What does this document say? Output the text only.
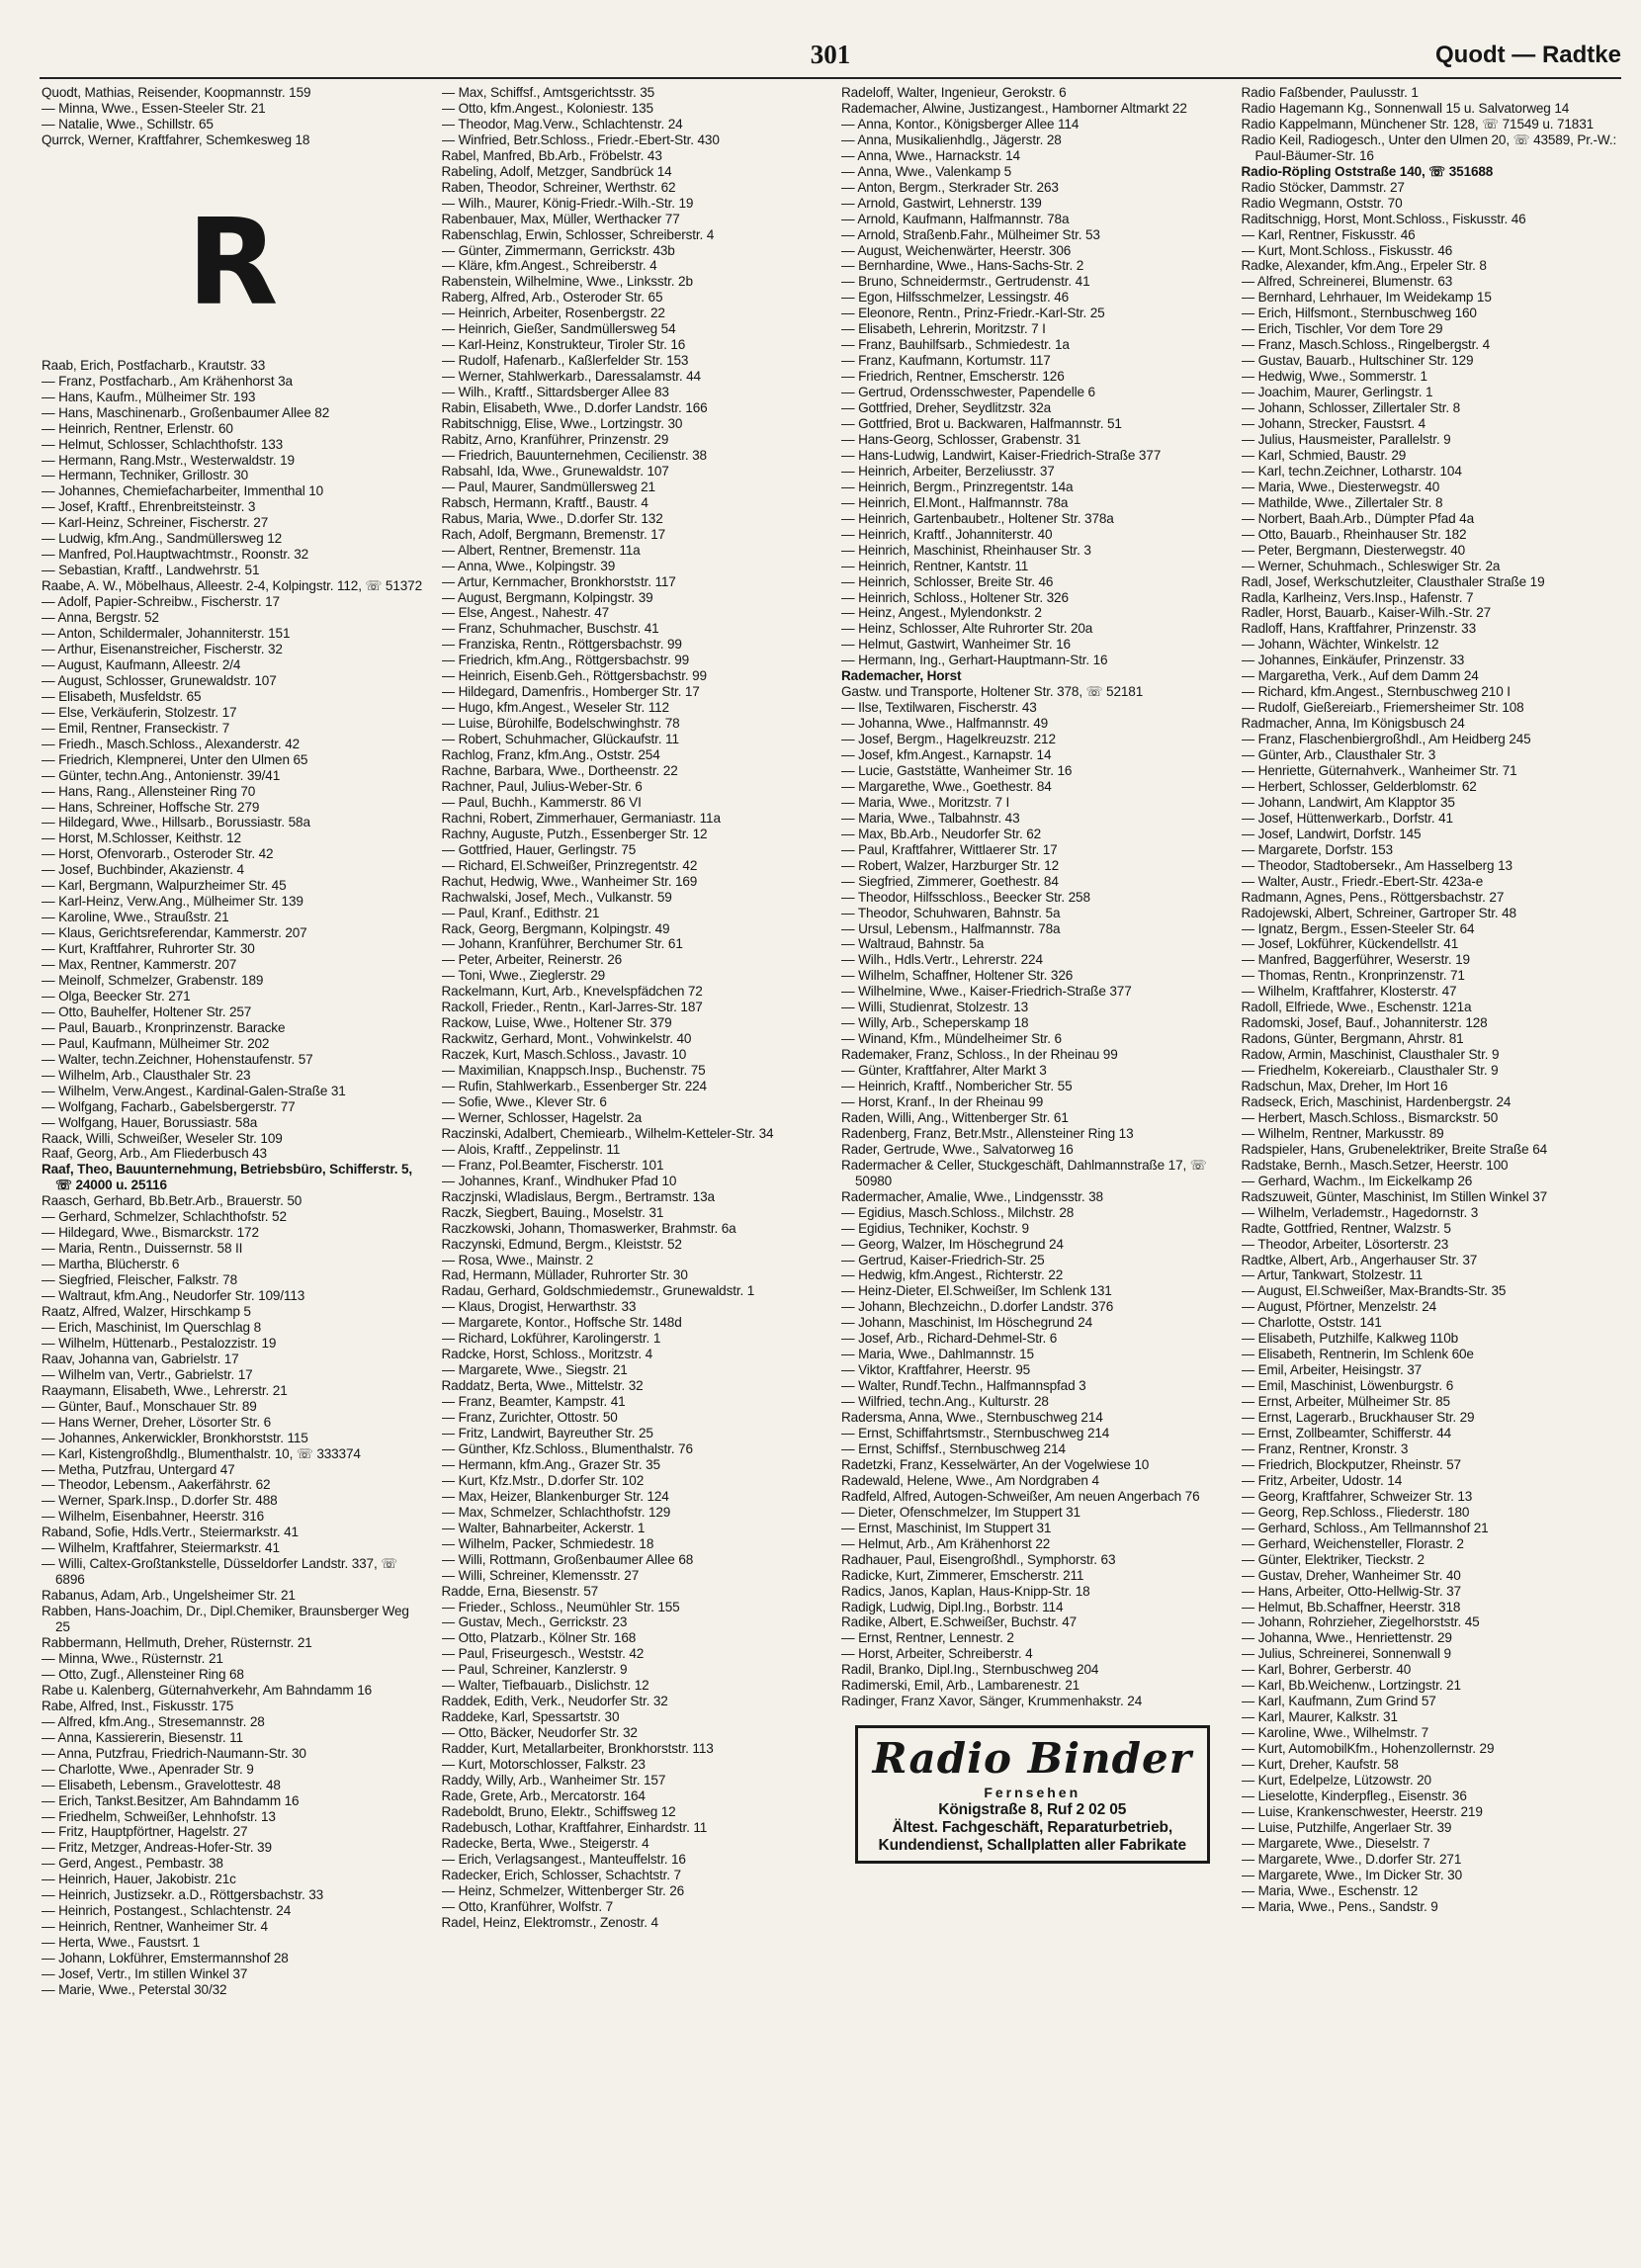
301	Quodt — Radtke
Quodt, Mathias, Reisender, Koopmannstr. 159
— Minna, Wwe., Essen-Steeler Str. 21
— Natalie, Wwe., Schillstr. 65
Qurrck, Werner, Kraftfahrer, Schemkesweg 18
R
Raab, Erich, Postfacharb., Krautstr. 33
— Franz, Postfacharb., Am Krähenhorst 3a
— Hans, Kaufm., Mülheimer Str. 193
— Hans, Maschinenarb., Großenbaumer Allee 82
— Heinrich, Rentner, Erlenstr. 60
— Helmut, Schlosser, Schlachthofstr. 133
— Hermann, Rang.Mstr., Westerwaldstr. 19
— Hermann, Techniker, Grillostr. 30
— Johannes, Chemiefacharbeiter, Immenthal 10
— Josef, Kraftf., Ehrenbreitsteinstr. 3
— Karl-Heinz, Schreiner, Fischerstr. 27
— Ludwig, kfm.Ang., Sandmüllersweg 12
— Manfred, Pol.Hauptwachtmstr., Roonstr. 32
— Sebastian, Kraftf., Landwehrstr. 51
Raabe, A. W., Möbelhaus, Alleestr. 2-4, Kolpingstr. 112, ☏ 51372
— Adolf, Papier-Schreibw., Fischerstr. 17
— Anna, Bergstr. 52
— Anton, Schildermaler, Johanniterstr. 151
— Arthur, Eisenanstreicher, Fischerstr. 32
— August, Kaufmann, Alleestr. 2/4
— August, Schlosser, Grunewaldstr. 107
— Elisabeth, Musfeldstr. 65
— Else, Verkäuferin, Stolzestr. 17
— Emil, Rentner, Franseckistr. 7
— Friedh., Masch.Schloss., Alexanderstr. 42
— Friedrich, Klempnerei, Unter den Ulmen 65
— Günter, techn.Ang., Antonienstr. 39/41
— Hans, Rang., Allensteiner Ring 70
— Hans, Schreiner, Hoffsche Str. 279
— Hildegard, Wwe., Hillsarb., Borussiastr. 58a
— Horst, M.Schlosser, Keithstr. 12
— Horst, Ofenvorarb., Osteroder Str. 42
— Josef, Buchbinder, Akazienstr. 4
— Karl, Bergmann, Walpurzheimer Str. 45
— Karl-Heinz, Verw.Ang., Mülheimer Str. 139
— Karoline, Wwe., Straußstr. 21
— Klaus, Gerichtsreferendar, Kammerstr. 207
— Kurt, Kraftfahrer, Ruhrorter Str. 30
— Max, Rentner, Kammerstr. 207
— Meinolf, Schmelzer, Grabenstr. 189
— Olga, Beecker Str. 271
— Otto, Bauhelfer, Holtener Str. 257
— Paul, Bauarb., Kronprinzenstr. Baracke
— Paul, Kaufmann, Mülheimer Str. 202
— Walter, techn.Zeichner, Hohenstaufenstr. 57
— Wilhelm, Arb., Clausthaler Str. 23
— Wilhelm, Verw.Angest., Kardinal-Galen-Straße 31
— Wolfgang, Facharb., Gabelsbergerstr. 77
— Wolfgang, Hauer, Borussiastr. 58a
Raack, Willi, Schweißer, Weseler Str. 109
Raaf, Georg, Arb., Am Fliederbusch 43
Raaf, Theo, Bauunternehmung, Betriebsbüro, Schifferstr. 5, ☏ 24000 u. 25116
Raasch, Gerhard, Bb.Betr.Arb., Brauerstr. 50
— Gerhard, Schmelzer, Schlachthofstr. 52
— Hildegard, Wwe., Bismarckstr. 172
— Maria, Rentn., Duissernstr. 58 II
— Martha, Blücherstr. 6
— Siegfried, Fleischer, Falkstr. 78
— Waltraut, kfm.Ang., Neudorfer Str. 109/113
Raatz, Alfred, Walzer, Hirschkamp 5
— Erich, Maschinist, Im Querschlag 8
— Wilhelm, Hüttenarb., Pestalozzistr. 19
Raav, Johanna van, Gabrielstr. 17
— Wilhelm van, Vertr., Gabrielstr. 17
Raaymann, Elisabeth, Wwe., Lehrerstr. 21
— Günter, Bauf., Monschauer Str. 89
— Hans Werner, Dreher, Lösorter Str. 6
— Johannes, Ankerwickler, Bronkhorststr. 115
— Karl, Kistengroßhdlg., Blumenthalstr. 10, ☏ 333374
— Metha, Putzfrau, Untergard 47
— Theodor, Lebensm., Aakerfährstr. 62
— Werner, Spark.Insp., D.dorfer Str. 488
— Wilhelm, Eisenbahner, Heerstr. 316
Raband, Sofie, Hdls.Vertr., Steiermarkstr. 41
— Wilhelm, Kraftfahrer, Steiermarkstr. 41
— Willi, Caltex-Großtankstelle, Düsseldorfer Landstr. 337, ☏ 6896
Rabanus, Adam, Arb., Ungelsheimer Str. 21
Rabben, Hans-Joachim, Dr., Dipl.Chemiker, Braunsberger Weg 25
Rabbermann, Hellmuth, Dreher, Rüsternstr. 21
— Minna, Wwe., Rüsternstr. 21
— Otto, Zugf., Allensteiner Ring 68
Rabe u. Kalenberg, Güternahverkehr, Am Bahndamm 16
Rabe, Alfred, Inst., Fiskusstr. 175
— Alfred, kfm.Ang., Stresemannstr. 28
— Anna, Kassiererin, Biesenstr. 11
— Anna, Putzfrau, Friedrich-Naumann-Str. 30
— Charlotte, Wwe., Apenrader Str. 9
— Elisabeth, Lebensm., Gravelottestr. 48
— Erich, Tankst.Besitzer, Am Bahndamm 16
— Friedhelm, Schweißer, Lehnhofstr. 13
— Fritz, Hauptpförtner, Hagelstr. 27
— Fritz, Metzger, Andreas-Hofer-Str. 39
— Gerd, Angest., Pembastr. 38
— Heinrich, Hauer, Jakobistr. 21c
— Heinrich, Justizsekr. a.D., Röttgersbachstr. 33
— Heinrich, Postangest., Schlachtenstr. 24
— Heinrich, Rentner, Wanheimer Str. 4
— Herta, Wwe., Faustsrt. 1
— Johann, Lokführer, Emstermannshof 28
— Josef, Vertr., Im stillen Winkel 37
— Marie, Wwe., Peterstal 30/32
— Max, Schiffsf., Amtsgerichtsstr. 35
— Otto, kfm.Angest., Koloniestr. 135
— Theodor, Mag.Verw., Schlachtenstr. 24
— Winfried, Betr.Schloss., Friedr.-Ebert-Str. 430
Rabel, Manfred, Bb.Arb., Fröbelstr. 43
Rabeling, Adolf, Metzger, Sandbrück 14
Raben, Theodor, Schreiner, Werthstr. 62
— Wilh., Maurer, König-Friedr.-Wilh.-Str. 19
Rabenbauer, Max, Müller, Werthacker 77
Rabenschlag, Erwin, Schlosser, Schreiberstr. 4
— Günter, Zimmermann, Gerrickstr. 43b
— Kläre, kfm.Angest., Schreiberstr. 4
Rabenstein, Wilhelmine, Wwe., Linksstr. 2b
Raberg, Alfred, Arb., Osteroder Str. 65
— Heinrich, Arbeiter, Rosenbergstr. 22
— Heinrich, Gießer, Sandmüllersweg 54
— Karl-Heinz, Konstrukteur, Tiroler Str. 16
— Rudolf, Hafenarb., Kaßlerfelder Str. 153
— Werner, Stahlwerkarb., Daressalamstr. 44
— Wilh., Kraftf., Sittardsberger Allee 83
Rabin, Elisabeth, Wwe., D.dorfer Landstr. 166
Rabitschnigg, Elise, Wwe., Lortzingstr. 30
Rabitz, Arno, Kranführer, Prinzenstr. 29
— Friedrich, Bauunternehmen, Cecilienstr. 38
Rabsahl, Ida, Wwe., Grunewaldstr. 107
— Paul, Maurer, Sandmüllersweg 21
Rabsch, Hermann, Kraftf., Baustr. 4
Rabus, Maria, Wwe., D.dorfer Str. 132
Rach, Adolf, Bergmann, Bremenstr. 17
— Albert, Rentner, Bremenstr. 11a
— Anna, Wwe., Kolpingstr. 39
— Artur, Kernmacher, Bronkhorststr. 117
— August, Bergmann, Kolpingstr. 39
— Else, Angest., Nahestr. 47
— Franz, Schuhmacher, Buschstr. 41
— Franziska, Rentn., Röttgersbachstr. 99
— Friedrich, kfm.Ang., Röttgersbachstr. 99
— Heinrich, Eisenb.Geh., Röttgersbachstr. 99
— Hildegard, Damenfris., Homberger Str. 17
— Hugo, kfm.Angest., Weseler Str. 112
— Luise, Bürohilfe, Bodelschwinghstr. 78
— Robert, Schuhmacher, Glückaufstr. 11
Rachlog, Franz, kfm.Ang., Oststr. 254
Rachne, Barbara, Wwe., Dortheenstr. 22
Rachner, Paul, Julius-Weber-Str. 6
— Paul, Buchh., Kammerstr. 86 VI
Rachni, Robert, Zimmerhauer, Germaniastr. 11a
Rachny, Auguste, Putzh., Essenberger Str. 12
— Gottfried, Hauer, Gerlingstr. 75
— Richard, El.Schweißer, Prinzregentstr. 42
Rachut, Hedwig, Wwe., Wanheimer Str. 169
Rachwalski, Josef, Mech., Vulkanstr. 59
— Paul, Kranf., Edithstr. 21
Rack, Georg, Bergmann, Kolpingstr. 49
— Johann, Kranführer, Berchumer Str. 61
— Peter, Arbeiter, Reinerstr. 26
— Toni, Wwe., Zieglerstr. 29
Rackelmann, Kurt, Arb., Knevelspfädchen 72
Rackoll, Frieder., Rentn., Karl-Jarres-Str. 187
Rackow, Luise, Wwe., Holtener Str. 379
Rackwitz, Gerhard, Mont., Vohwinkelstr. 40
Raczek, Kurt, Masch.Schloss., Javastr. 10
— Maximilian, Knappsch.Insp., Buchenstr. 75
— Rufin, Stahlwerkarb., Essenberger Str. 224
— Sofie, Wwe., Klever Str. 6
— Werner, Schlosser, Hagelstr. 2a
Raczinski, Adalbert, Chemiearb., Wilhelm-Ketteler-Str. 34
— Alois, Kraftf., Zeppelinstr. 11
— Franz, Pol.Beamter, Fischerstr. 101
— Johannes, Kranf., Windhuker Pfad 10
Raczjnski, Wladislaus, Bergm., Bertramstr. 13a
Raczk, Siegbert, Bauing., Moselstr. 31
Raczkowski, Johann, Thomaswerker, Brahmstr. 6a
Raczynski, Edmund, Bergm., Kleiststr. 52
— Rosa, Wwe., Mainstr. 2
Rad, Hermann, Müllader, Ruhrorter Str. 30
Radau, Gerhard, Goldschmiedemstr., Grunewaldstr. 1
— Klaus, Drogist, Herwarthstr. 33
— Margarete, Kontor., Hoffsche Str. 148d
— Richard, Lokführer, Karolingerstr. 1
Radcke, Horst, Schloss., Moritzstr. 4
— Margarete, Wwe., Siegstr. 21
Raddatz, Berta, Wwe., Mittelstr. 32
— Franz, Beamter, Kampstr. 41
— Franz, Zurichter, Ottostr. 50
— Fritz, Landwirt, Bayreuther Str. 25
— Günther, Kfz.Schloss., Blumenthalstr. 76
— Hermann, kfm.Ang., Grazer Str. 35
— Kurt, Kfz.Mstr., D.dorfer Str. 102
— Max, Heizer, Blankenburger Str. 124
— Max, Schmelzer, Schlachthofstr. 129
— Walter, Bahnarbeiter, Ackerstr. 1
— Wilhelm, Packer, Schmiedestr. 18
— Willi, Rottmann, Großenbaumer Allee 68
— Willi, Schreiner, Klemensstr. 27
Radde, Erna, Biesenstr. 57
— Frieder., Schloss., Neumühler Str. 155
— Gustav, Mech., Gerrickstr. 23
— Otto, Platzarb., Kölner Str. 168
— Paul, Friseurgesch., Weststr. 42
— Paul, Schreiner, Kanzlerstr. 9
— Walter, Tiefbauarb., Dislichstr. 12
Raddek, Edith, Verk., Neudorfer Str. 32
Raddeke, Karl, Spessartstr. 30
— Otto, Bäcker, Neudorfer Str. 32
Radder, Kurt, Metallarbeiter, Bronkhorststr. 113
— Kurt, Motorschlosser, Falkstr. 23
Raddy, Willy, Arb., Wanheimer Str. 157
Rade, Grete, Arb., Mercatorstr. 164
Radeboldt, Bruno, Elektr., Schiffsweg 12
Radebusch, Lothar, Kraftfahrer, Einhardstr. 11
Radecke, Berta, Wwe., Steigerstr. 4
— Erich, Verlagsangest., Manteuffelstr. 16
Radecker, Erich, Schlosser, Schachtstr. 7
— Heinz, Schmelzer, Wittenberger Str. 26
— Otto, Kranführer, Wolfstr. 7
Radel, Heinz, Elektromstr., Zenostr. 4
Radeloff, Walter, Ingenieur, Gerokstr. 6
Rademacher, Alwine, Justizangest., Hamborner Altmarkt 22
— Anna, Kontor., Königsberger Allee 114
— Anna, Musikalienhdlg., Jägerstr. 28
— Anna, Wwe., Harnackstr. 14
— Anna, Wwe., Valenkamp 5
— Anton, Bergm., Sterkrader Str. 263
— Arnold, Gastwirt, Lehnerstr. 139
— Arnold, Kaufmann, Halfmannstr. 78a
— Arnold, Straßenb.Fahr., Mülheimer Str. 53
— August, Weichenwärter, Heerstr. 306
— Bernhardine, Wwe., Hans-Sachs-Str. 2
— Bruno, Schneidermstr., Gertrudenstr. 41
— Egon, Hilfsschmelzer, Lessingstr. 46
— Eleonore, Rentn., Prinz-Friedr.-Karl-Str. 25
— Elisabeth, Lehrerin, Moritzstr. 7 I
— Franz, Bauhilfsarb., Schmiedestr. 1a
— Franz, Kaufmann, Kortumstr. 117
— Friedrich, Rentner, Emscherstr. 126
— Gertrud, Ordensschwester, Papendelle 6
— Gottfried, Dreher, Seydlitzstr. 32a
— Gottfried, Brot u. Backwaren, Halfmannstr. 51
— Hans-Georg, Schlosser, Grabenstr. 31
— Hans-Ludwig, Landwirt, Kaiser-Friedrich-Straße 377
— Heinrich, Arbeiter, Berzeliusstr. 37
— Heinrich, Bergm., Prinzregentstr. 14a
— Heinrich, El.Mont., Halfmannstr. 78a
— Heinrich, Gartenbaubetr., Holtener Str. 378a
— Heinrich, Kraftf., Johanniterstr. 40
— Heinrich, Maschinist, Rheinhauser Str. 3
— Heinrich, Rentner, Kantstr. 11
— Heinrich, Schlosser, Breite Str. 46
— Heinrich, Schloss., Holtener Str. 326
— Heinz, Angest., Mylendonkstr. 2
— Heinz, Schlosser, Alte Ruhrorter Str. 20a
— Helmut, Gastwirt, Wanheimer Str. 16
— Hermann, Ing., Gerhart-Hauptmann-Str. 16
Rademacher, Horst
Gastw. und Transporte, Holtener Str. 378, ☏ 52181
— Ilse, Textilwaren, Fischerstr. 43
— Johanna, Wwe., Halfmannstr. 49
— Josef, Bergm., Hagelkreuzstr. 212
— Josef, kfm.Angest., Karnapstr. 14
— Lucie, Gaststätte, Wanheimer Str. 16
— Margarethe, Wwe., Goethestr. 84
— Maria, Wwe., Moritzstr. 7 I
— Maria, Wwe., Talbahnstr. 43
— Max, Bb.Arb., Neudorfer Str. 62
— Paul, Kraftfahrer, Wittlaerer Str. 17
— Robert, Walzer, Harzburger Str. 12
— Siegfried, Zimmerer, Goethestr. 84
— Theodor, Hilfsschloss., Beecker Str. 258
— Theodor, Schuhwaren, Bahnstr. 5a
— Ursul, Lebensm., Halfmannstr. 78a
— Waltraud, Bahnstr. 5a
— Wilh., Hdls.Vertr., Lehrerstr. 224
— Wilhelm, Schaffner, Holtener Str. 326
— Wilhelmine, Wwe., Kaiser-Friedrich-Straße 377
— Willi, Studienrat, Stolzestr. 13
— Willy, Arb., Scheperskamp 18
— Winand, Kfm., Mündelheimer Str. 6
Rademaker, Franz, Schloss., In der Rheinau 99
— Günter, Kraftfahrer, Alter Markt 3
— Heinrich, Kraftf., Nombericher Str. 55
— Horst, Kranf., In der Rheinau 99
Raden, Willi, Ang., Wittenberger Str. 61
Radenberg, Franz, Betr.Mstr., Allensteiner Ring 13
Rader, Gertrude, Wwe., Salvatorweg 16
Radermacher & Celler, Stuckgeschäft, Dahlmannstraße 17, ☏ 50980
Radermacher, Amalie, Wwe., Lindgensstr. 38
— Egidius, Masch.Schloss., Milchstr. 28
— Egidius, Techniker, Kochstr. 9
— Georg, Walzer, Im Höschegrund 24
— Gertrud, Kaiser-Friedrich-Str. 25
— Hedwig, kfm.Angest., Richterstr. 22
— Heinz-Dieter, El.Schweißer, Im Schlenk 131
— Johann, Blechzeichn., D.dorfer Landstr. 376
— Johann, Maschinist, Im Höschegrund 24
— Josef, Arb., Richard-Dehmel-Str. 6
— Maria, Wwe., Dahlmannstr. 15
— Viktor, Kraftfahrer, Heerstr. 95
— Walter, Rundf.Techn., Halfmannspfad 3
— Wilfried, techn.Ang., Kulturstr. 28
Radersma, Anna, Wwe., Sternbuschweg 214
— Ernst, Schiffahrtsmstr., Sternbuschweg 214
— Ernst, Schiffsf., Sternbuschweg 214
Radetzki, Franz, Kesselwärter, An der Vogelwiese 10
Radewald, Helene, Wwe., Am Nordgraben 4
Radfeld, Alfred, Autogen-Schweißer, Am neuen Angerbach 76
— Dieter, Ofenschmelzer, Im Stuppert 31
— Ernst, Maschinist, Im Stuppert 31
— Helmut, Arb., Am Krähenhorst 22
Radhauer, Paul, Eisengroßhdl., Symphorstr. 63
Radicke, Kurt, Zimmerer, Emscherstr. 211
Radics, Janos, Kaplan, Haus-Knipp-Str. 18
Radigk, Ludwig, Dipl.Ing., Borbstr. 114
Radike, Albert, E.Schweißer, Buchstr. 47
— Ernst, Rentner, Lennestr. 2
— Horst, Arbeiter, Schreiberstr. 4
Radil, Branko, Dipl.Ing., Sternbuschweg 204
Radimerski, Emil, Arb., Lambarenestr. 21
Radinger, Franz Xavor, Sänger, Krummenhakstr. 24
Radio Binder
Fernsehen
Königstraße 8, Ruf 2 02 05
Ältest. Fachgeschäft, Reparaturbetrieb, Kundendienst, Schallplatten aller Fabrikate
Radio Faßbender, Paulusstr. 1
Radio Hagemann Kg., Sonnenwall 15 u. Salvatorweg 14
Radio Kappelmann, Münchener Str. 128, ☏ 71549 u. 71831
Radio Keil, Radiogesch., Unter den Ulmen 20, ☏ 43589, Pr.-W.: Paul-Bäumer-Str. 16
Radio-Röpling Oststraße 140, ☏ 351688
Radio Stöcker, Dammstr. 27
Radio Wegmann, Oststr. 70
Raditschnigg, Horst, Mont.Schloss., Fiskusstr. 46
— Karl, Rentner, Fiskusstr. 46
— Kurt, Mont.Schloss., Fiskusstr. 46
Radke, Alexander, kfm.Ang., Erpeler Str. 8
— Alfred, Schreinerei, Blumenstr. 63
— Bernhard, Lehrhauer, Im Weidekamp 15
— Erich, Hilfsmont., Sternbuschweg 160
— Erich, Tischler, Vor dem Tore 29
— Franz, Masch.Schloss., Ringelbergstr. 4
— Gustav, Bauarb., Hultschiner Str. 129
— Hedwig, Wwe., Sommerstr. 1
— Joachim, Maurer, Gerlingstr. 1
— Johann, Schlosser, Zillertaler Str. 8
— Johann, Strecker, Faustsrt. 4
— Julius, Hausmeister, Parallelstr. 9
— Karl, Schmied, Baustr. 29
— Karl, techn.Zeichner, Lotharstr. 104
— Maria, Wwe., Diesterwegstr. 40
— Mathilde, Wwe., Zillertaler Str. 8
— Norbert, Baah.Arb., Dümpter Pfad 4a
— Otto, Bauarb., Rheinhauser Str. 182
— Peter, Bergmann, Diesterwegstr. 40
— Werner, Schuhmach., Schleswiger Str. 2a
Radl, Josef, Werkschutzleiter, Clausthaler Straße 19
Radla, Karlheinz, Vers.Insp., Hafenstr. 7
Radler, Horst, Bauarb., Kaiser-Wilh.-Str. 27
Radloff, Hans, Kraftfahrer, Prinzenstr. 33
— Johann, Wächter, Winkelstr. 12
— Johannes, Einkäufer, Prinzenstr. 33
— Margaretha, Verk., Auf dem Damm 24
— Richard, kfm.Angest., Sternbuschweg 210 I
— Rudolf, Gießereiarb., Friemersheimer Str. 108
Radmacher, Anna, Im Königsbusch 24
— Franz, Flaschenbiergroßhdl., Am Heidberg 245
— Günter, Arb., Clausthaler Str. 3
— Henriette, Güternahverk., Wanheimer Str. 71
— Herbert, Schlosser, Gelderblomstr. 62
— Johann, Landwirt, Am Klapptor 35
— Josef, Hüttenwerkarb., Dorfstr. 41
— Josef, Landwirt, Dorfstr. 145
— Margarete, Dorfstr. 153
— Theodor, Stadtobersekr., Am Hasselberg 13
— Walter, Austr., Friedr.-Ebert-Str. 423a-e
Radmann, Agnes, Pens., Röttgersbachstr. 27
Radojewski, Albert, Schreiner, Gartroper Str. 48
— Ignatz, Bergm., Essen-Steeler Str. 64
— Josef, Lokführer, Kückendellstr. 41
— Manfred, Baggerführer, Weserstr. 19
— Thomas, Rentn., Kronprinzenstr. 71
— Wilhelm, Kraftfahrer, Klosterstr. 47
Radoll, Elfriede, Wwe., Eschenstr. 121a
Radomski, Josef, Bauf., Johanniterstr. 128
Radons, Günter, Bergmann, Ahrstr. 81
Radow, Armin, Maschinist, Clausthaler Str. 9
— Friedhelm, Kokereiarb., Clausthaler Str. 9
Radschun, Max, Dreher, Im Hort 16
Radseck, Erich, Maschinist, Hardenbergstr. 24
— Herbert, Masch.Schloss., Bismarckstr. 50
— Wilhelm, Rentner, Markusstr. 89
Radspieler, Hans, Grubenelektriker, Breite Straße 64
Radstake, Bernh., Masch.Setzer, Heerstr. 100
— Gerhard, Wachm., Im Eickelkamp 26
Radszuweit, Günter, Maschinist, Im Stillen Winkel 37
— Wilhelm, Verlademstr., Hagedornstr. 3
Radte, Gottfried, Rentner, Walzstr. 5
— Theodor, Arbeiter, Lösorterstr. 23
Radtke, Albert, Arb., Angerhauser Str. 37
— Artur, Tankwart, Stolzestr. 11
— August, El.Schweißer, Max-Brandts-Str. 35
— August, Pförtner, Menzelstr. 24
— Charlotte, Oststr. 141
— Elisabeth, Putzhilfe, Kalkweg 110b
— Elisabeth, Rentnerin, Im Schlenk 60e
— Emil, Arbeiter, Heisingstr. 37
— Emil, Maschinist, Löwenburgstr. 6
— Ernst, Arbeiter, Mülheimer Str. 85
— Ernst, Lagerarb., Bruckhauser Str. 29
— Ernst, Zollbeamter, Schifferstr. 44
— Franz, Rentner, Kronstr. 3
— Friedrich, Blockputzer, Rheinstr. 57
— Fritz, Arbeiter, Udostr. 14
— Georg, Kraftfahrer, Schweizer Str. 13
— Georg, Rep.Schloss., Fliederstr. 180
— Gerhard, Schloss., Am Tellmannshof 21
— Gerhard, Weichensteller, Florastr. 2
— Günter, Elektriker, Tieckstr. 2
— Gustav, Dreher, Wanheimer Str. 40
— Hans, Arbeiter, Otto-Hellwig-Str. 37
— Helmut, Bb.Schaffner, Heerstr. 318
— Johann, Rohrzieher, Ziegelhorststr. 45
— Johanna, Wwe., Henriettenstr. 29
— Julius, Schreinerei, Sonnenwall 9
— Karl, Bohrer, Gerberstr. 40
— Karl, Bb.Weichenw., Lortzingstr. 21
— Karl, Kaufmann, Zum Grind 57
— Karl, Maurer, Kalkstr. 31
— Karoline, Wwe., Wilhelmstr. 7
— Kurt, AutomobilKfm., Hohenzollernstr. 29
— Kurt, Dreher, Kaufstr. 58
— Kurt, Edelpelze, Lützowstr. 20
— Lieselotte, Kinderpfleg., Eisenstr. 36
— Luise, Krankenschwester, Heerstr. 219
— Luise, Putzhilfe, Angerlaer Str. 39
— Margarete, Wwe., Dieselstr. 7
— Margarete, Wwe., D.dorfer Str. 271
— Margarete, Wwe., Im Dicker Str. 30
— Maria, Wwe., Eschenstr. 12
— Maria, Wwe., Pens., Sandstr. 9
